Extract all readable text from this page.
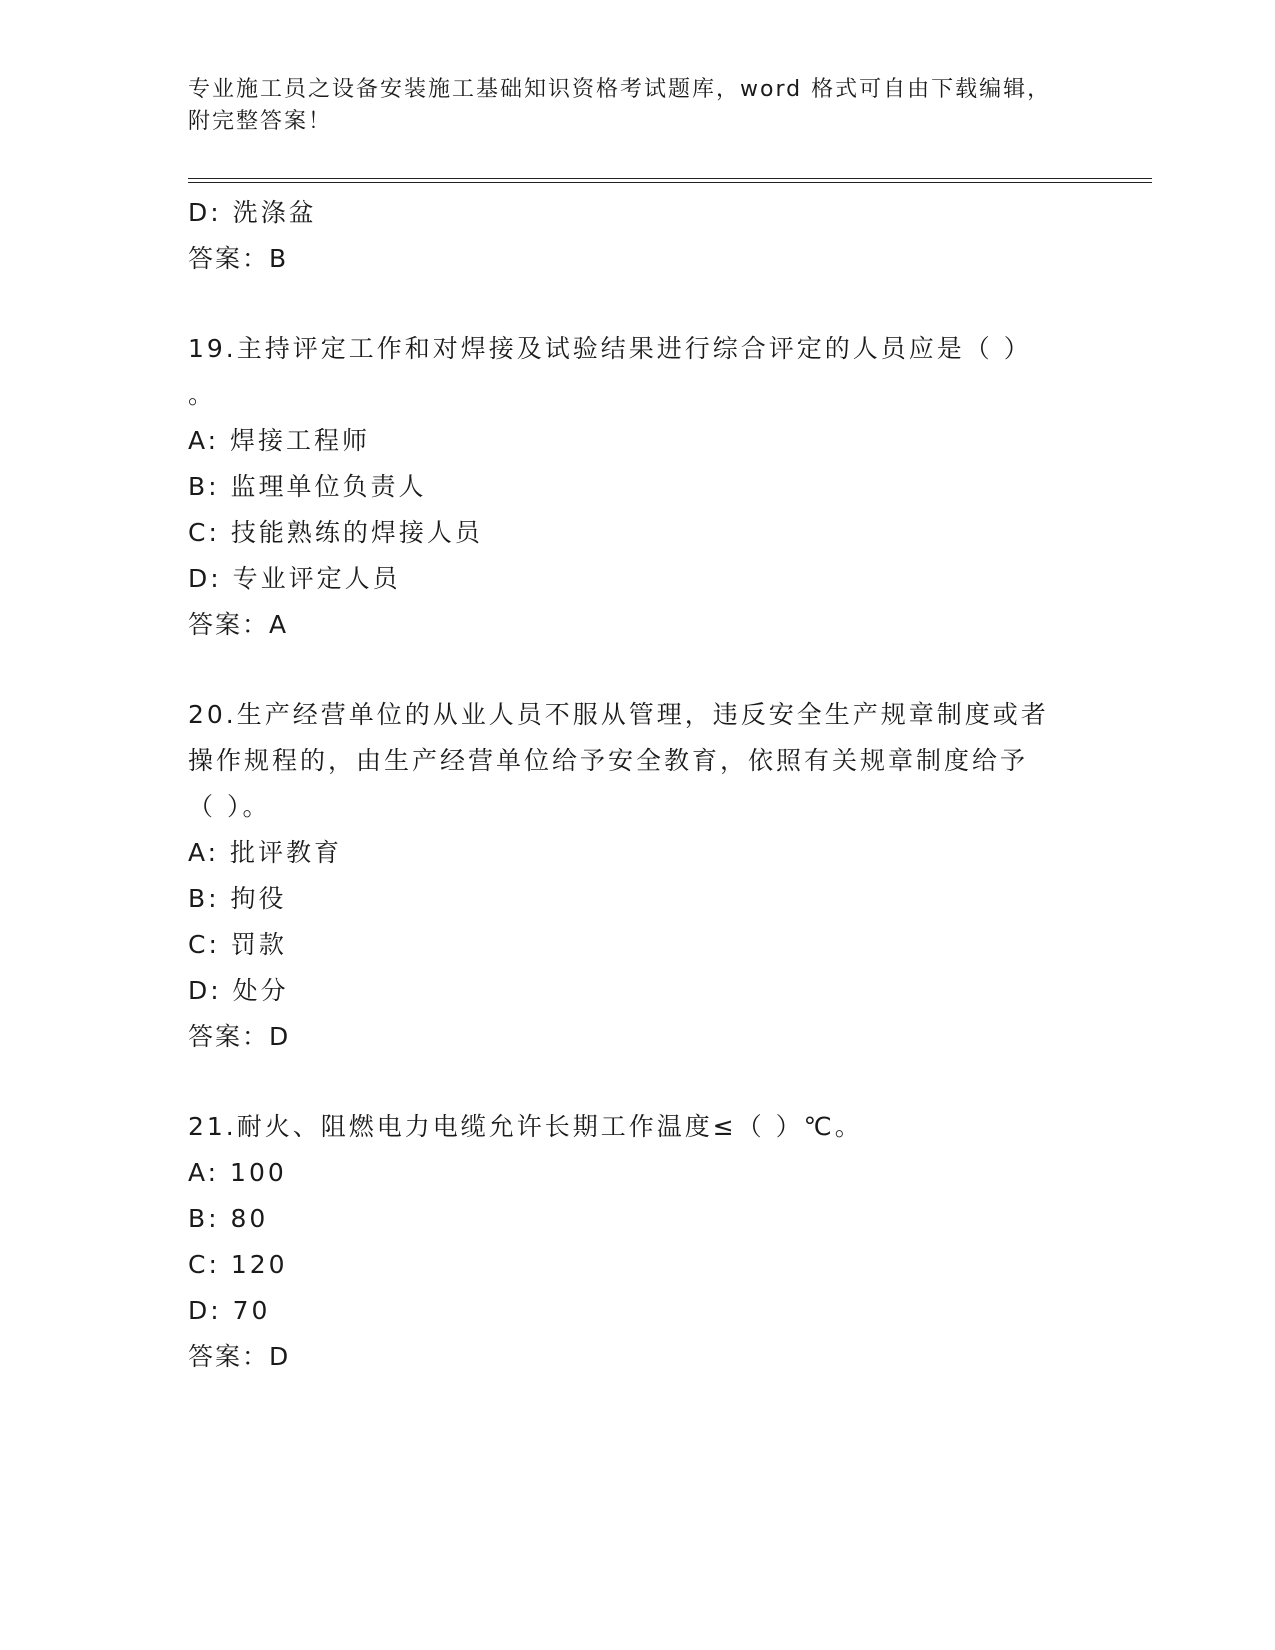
专业施工员之设备安装施工基础知识资格考试题库，word 格式可自由下载编辑，
附完整答案！
D: 洗涤盆
答案：B
19.主持评定工作和对焊接及试验结果进行综合评定的人员应是（ ）
。
A: 焊接工程师
B: 监理单位负责人
C: 技能熟练的焊接人员
D: 专业评定人员
答案：A
20.生产经营单位的从业人员不服从管理，违反安全生产规章制度或者
操作规程的，由生产经营单位给予安全教育，依照有关规章制度给予
（ ）。
A: 批评教育
B: 拘役
C: 罚款
D: 处分
答案：D
21.耐火、阻燃电力电缆允许长期工作温度≤（ ）℃。
A: 100
B: 80
C: 120
D: 70
答案：D
